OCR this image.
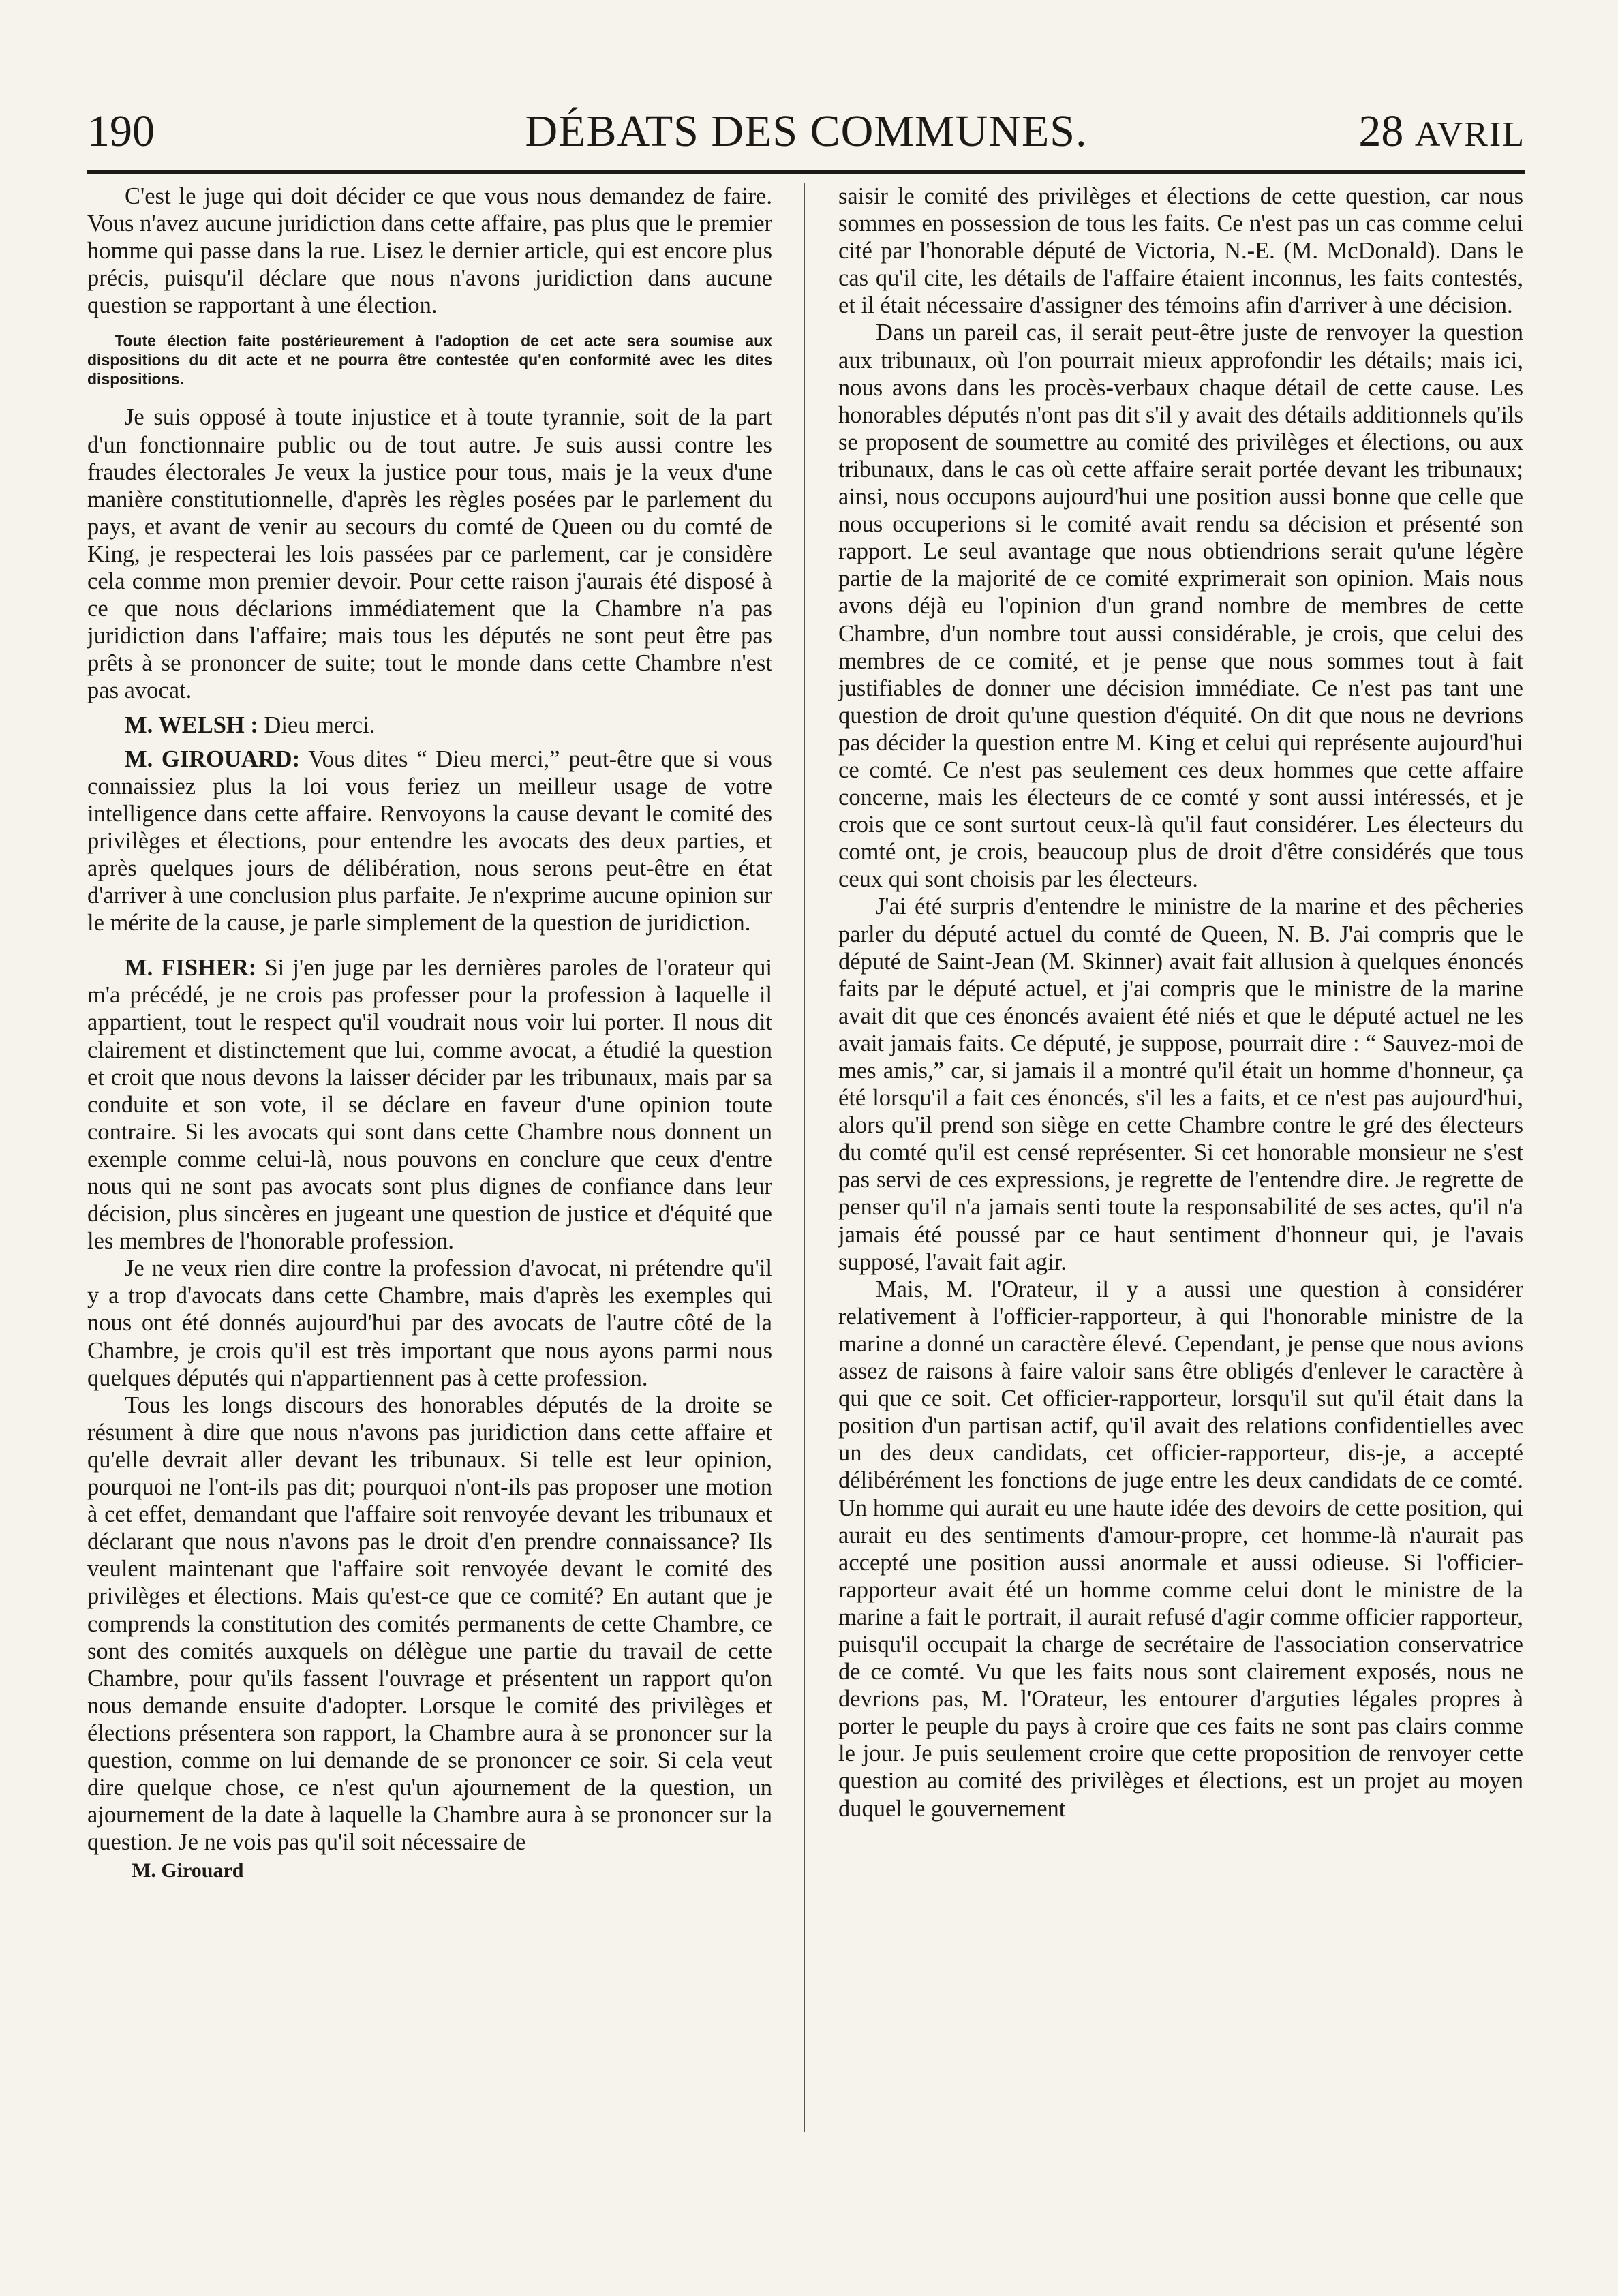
DÉBATS DES COMMUNES.
190	28 AVRIL

C'est le juge qui doit décider ce que vous nous demandez de faire. Vous n'avez aucune juridiction dans cette affaire, pas plus que le premier homme qui passe dans la rue. Lisez le dernier article, qui est encore plus précis, puisqu'il déclare que nous n'avons juridiction dans aucune question se rapportant à une élection.

Toute élection faite postérieurement à l'adoption de cet acte sera soumise aux dispositions du dit acte et ne pourra être contestée qu'en conformité avec les dites dispositions.

Je suis opposé à toute injustice et à toute tyrannie, soit de la part d'un fonctionnaire public ou de tout autre. Je suis aussi contre les fraudes électorales Je veux la justice pour tous, mais je la veux d'une manière constitutionnelle, d'après les règles posées par le parlement du pays, et avant de venir au secours du comté de Queen ou du comté de King, je respecterai les lois passées par ce parlement, car je considère cela comme mon premier devoir. Pour cette raison j'aurais été disposé à ce que nous déclarions immédiatement que la Chambre n'a pas juridiction dans l'affaire; mais tous les députés ne sont peut être pas prêts à se prononcer de suite; tout le monde dans cette Chambre n'est pas avocat.

M. WELSH : Dieu merci.

M. GIROUARD: Vous dites “ Dieu merci,” peut-être que si vous connaissiez plus la loi vous feriez un meilleur usage de votre intelligence dans cette affaire. Renvoyons la cause devant le comité des privilèges et élections, pour entendre les avocats des deux parties, et après quelques jours de délibération, nous serons peut-être en état d'arriver à une conclusion plus parfaite. Je n'exprime aucune opinion sur le mérite de la cause, je parle simplement de la question de juridiction.

M. FISHER: Si j'en juge par les dernières paroles de l'orateur qui m'a précédé, je ne crois pas professer pour la profession à laquelle il appartient, tout le respect qu'il voudrait nous voir lui porter. Il nous dit clairement et distinctement que lui, comme avocat, a étudié la question et croit que nous devons la laisser décider par les tribunaux, mais par sa conduite et son vote, il se déclare en faveur d'une opinion toute contraire. Si les avocats qui sont dans cette Chambre nous donnent un exemple comme celui-là, nous pouvons en conclure que ceux d'entre nous qui ne sont pas avocats sont plus dignes de confiance dans leur décision, plus sincères en jugeant une question de justice et d'équité que les membres de l'honorable profession.

Je ne veux rien dire contre la profession d'avocat, ni prétendre qu'il y a trop d'avocats dans cette Chambre, mais d'après les exemples qui nous ont été donnés aujourd'hui par des avocats de l'autre côté de la Chambre, je crois qu'il est très important que nous ayons parmi nous quelques députés qui n'appartiennent pas à cette profession.

Tous les longs discours des honorables députés de la droite se résument à dire que nous n'avons pas juridiction dans cette affaire et qu'elle devrait aller devant les tribunaux. Si telle est leur opinion, pourquoi ne l'ont-ils pas dit; pourquoi n'ont-ils pas proposer une motion à cet effet, demandant que l'affaire soit renvoyée devant les tribunaux et déclarant que nous n'avons pas le droit d'en prendre connaissance? Ils veulent maintenant que l'affaire soit renvoyée devant le comité des privilèges et élections. Mais qu'est-ce que ce comité? En autant que je comprends la constitution des comités permanents de cette Chambre, ce sont des comités auxquels on délègue une partie du travail de cette Chambre, pour qu'ils fassent l'ouvrage et présentent un rapport qu'on nous demande ensuite d'adopter. Lorsque le comité des privilèges et élections présentera son rapport, la Chambre aura à se prononcer sur la question, comme on lui demande de se prononcer ce soir. Si cela veut dire quelque chose, ce n'est qu'un ajournement de la question, un ajournement de la date à laquelle la Chambre aura à se prononcer sur la question. Je ne vois pas qu'il soit nécessaire de

M. Girouard

saisir le comité des privilèges et élections de cette question, car nous sommes en possession de tous les faits. Ce n'est pas un cas comme celui cité par l'honorable député de Victoria, N.-E. (M. McDonald). Dans le cas qu'il cite, les détails de l'affaire étaient inconnus, les faits contestés, et il était nécessaire d'assigner des témoins afin d'arriver à une décision.

Dans un pareil cas, il serait peut-être juste de renvoyer la question aux tribunaux, où l'on pourrait mieux approfondir les détails; mais ici, nous avons dans les procès-verbaux chaque détail de cette cause. Les honorables députés n'ont pas dit s'il y avait des détails additionnels qu'ils se proposent de soumettre au comité des privilèges et élections, ou aux tribunaux, dans le cas où cette affaire serait portée devant les tribunaux; ainsi, nous occupons aujourd'hui une position aussi bonne que celle que nous occuperions si le comité avait rendu sa décision et présenté son rapport. Le seul avantage que nous obtiendrions serait qu'une légère partie de la majorité de ce comité exprimerait son opinion. Mais nous avons déjà eu l'opinion d'un grand nombre de membres de cette Chambre, d'un nombre tout aussi considérable, je crois, que celui des membres de ce comité, et je pense que nous sommes tout à fait justifiables de donner une décision immédiate. Ce n'est pas tant une question de droit qu'une question d'équité. On dit que nous ne devrions pas décider la question entre M. King et celui qui représente aujourd'hui ce comté. Ce n'est pas seulement ces deux hommes que cette affaire concerne, mais les électeurs de ce comté y sont aussi intéressés, et je crois que ce sont surtout ceux-là qu'il faut considérer. Les électeurs du comté ont, je crois, beaucoup plus de droit d'être considérés que tous ceux qui sont choisis par les électeurs.

J'ai été surpris d'entendre le ministre de la marine et des pêcheries parler du député actuel du comté de Queen, N. B. J'ai compris que le député de Saint-Jean (M. Skinner) avait fait allusion à quelques énoncés faits par le député actuel, et j'ai compris que le ministre de la marine avait dit que ces énoncés avaient été niés et que le député actuel ne les avait jamais faits. Ce député, je suppose, pourrait dire : “ Sauvez-moi de mes amis,” car, si jamais il a montré qu'il était un homme d'honneur, ça été lorsqu'il a fait ces énoncés, s'il les a faits, et ce n'est pas aujourd'hui, alors qu'il prend son siège en cette Chambre contre le gré des électeurs du comté qu'il est censé représenter. Si cet honorable monsieur ne s'est pas servi de ces expressions, je regrette de l'entendre dire. Je regrette de penser qu'il n'a jamais senti toute la responsabilité de ses actes, qu'il n'a jamais été poussé par ce haut sentiment d'honneur qui, je l'avais supposé, l'avait fait agir.

Mais, M. l'Orateur, il y a aussi une question à considérer relativement à l'officier-rapporteur, à qui l'honorable ministre de la marine a donné un caractère élevé. Cependant, je pense que nous avions assez de raisons à faire valoir sans être obligés d'enlever le caractère à qui que ce soit. Cet officier-rapporteur, lorsqu'il sut qu'il était dans la position d'un partisan actif, qu'il avait des relations confidentielles avec un des deux candidats, cet officier-rapporteur, dis-je, a accepté délibérément les fonctions de juge entre les deux candidats de ce comté. Un homme qui aurait eu une haute idée des devoirs de cette position, qui aurait eu des sentiments d'amour-propre, cet homme-là n'aurait pas accepté une position aussi anormale et aussi odieuse. Si l'officier-rapporteur avait été un homme comme celui dont le ministre de la marine a fait le portrait, il aurait refusé d'agir comme officier rapporteur, puisqu'il occupait la charge de secrétaire de l'association conservatrice de ce comté. Vu que les faits nous sont clairement exposés, nous ne devrions pas, M. l'Orateur, les entourer d'arguties légales propres à porter le peuple du pays à croire que ces faits ne sont pas clairs comme le jour. Je puis seulement croire que cette proposition de renvoyer cette question au comité des privilèges et élections, est un projet au moyen duquel le gouvernement
